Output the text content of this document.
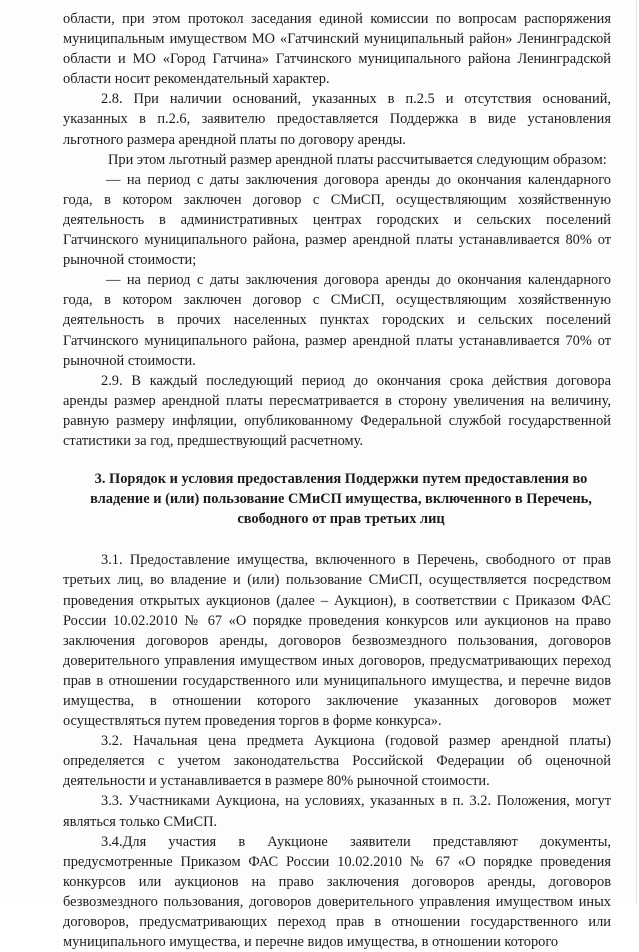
области, при этом протокол заседания единой комиссии по вопросам распоряжения муниципальным имуществом МО «Гатчинский муниципальный район» Ленинградской области и МО «Город Гатчина» Гатчинского муниципального района Ленинградской области носит рекомендательный характер.

2.8. При наличии оснований, указанных в п.2.5 и отсутствия оснований, указанных в п.2.6, заявителю предоставляется Поддержка в виде установления льготного размера арендной платы по договору аренды.

При этом льготный размер арендной платы рассчитывается следующим образом:

— на период с даты заключения договора аренды до окончания календарного года, в котором заключен договор с СМиСП, осуществляющим хозяйственную деятельность в административных центрах городских и сельских поселений Гатчинского муниципального района, размер арендной платы устанавливается 80% от рыночной стоимости;

— на период с даты заключения договора аренды до окончания календарного года, в котором заключен договор с СМиСП, осуществляющим хозяйственную деятельность в прочих населенных пунктах городских и сельских поселений Гатчинского муниципального района, размер арендной платы устанавливается 70% от рыночной стоимости.

2.9. В каждый последующий период до окончания срока действия договора аренды размер арендной платы пересматривается в сторону увеличения на величину, равную размеру инфляции, опубликованному Федеральной службой государственной статистики за год, предшествующий расчетному.

3. Порядок и условия предоставления Поддержки путем предоставления во владение и (или) пользование СМиСП имущества, включенного в Перечень, свободного от прав третьих лиц

3.1. Предоставление имущества, включенного в Перечень, свободного от прав третьих лиц, во владение и (или) пользование СМиСП, осуществляется посредством проведения открытых аукционов (далее – Аукцион), в соответствии с Приказом ФАС России 10.02.2010 № 67 «О порядке проведения конкурсов или аукционов на право заключения договоров аренды, договоров безвозмездного пользования, договоров доверительного управления имуществом иных договоров, предусматривающих переход прав в отношении государственного или муниципального имущества, и перечне видов имущества, в отношении которого заключение указанных договоров может осуществляться путем проведения торгов в форме конкурса».

3.2. Начальная цена предмета Аукциона (годовой размер арендной платы) определяется с учетом законодательства Российской Федерации об оценочной деятельности и устанавливается в размере 80% рыночной стоимости.

3.3. Участниками Аукциона, на условиях, указанных в п. 3.2. Положения, могут являться только СМиСП.

3.4.Для участия в Аукционе заявители представляют документы, предусмотренные Приказом ФАС России 10.02.2010 № 67 «О порядке проведения конкурсов или аукционов на право заключения договоров аренды, договоров безвозмездного пользования, договоров доверительного управления имуществом иных договоров, предусматривающих переход прав в отношении государственного или муниципального имущества, и перечне видов имущества, в отношении которого
